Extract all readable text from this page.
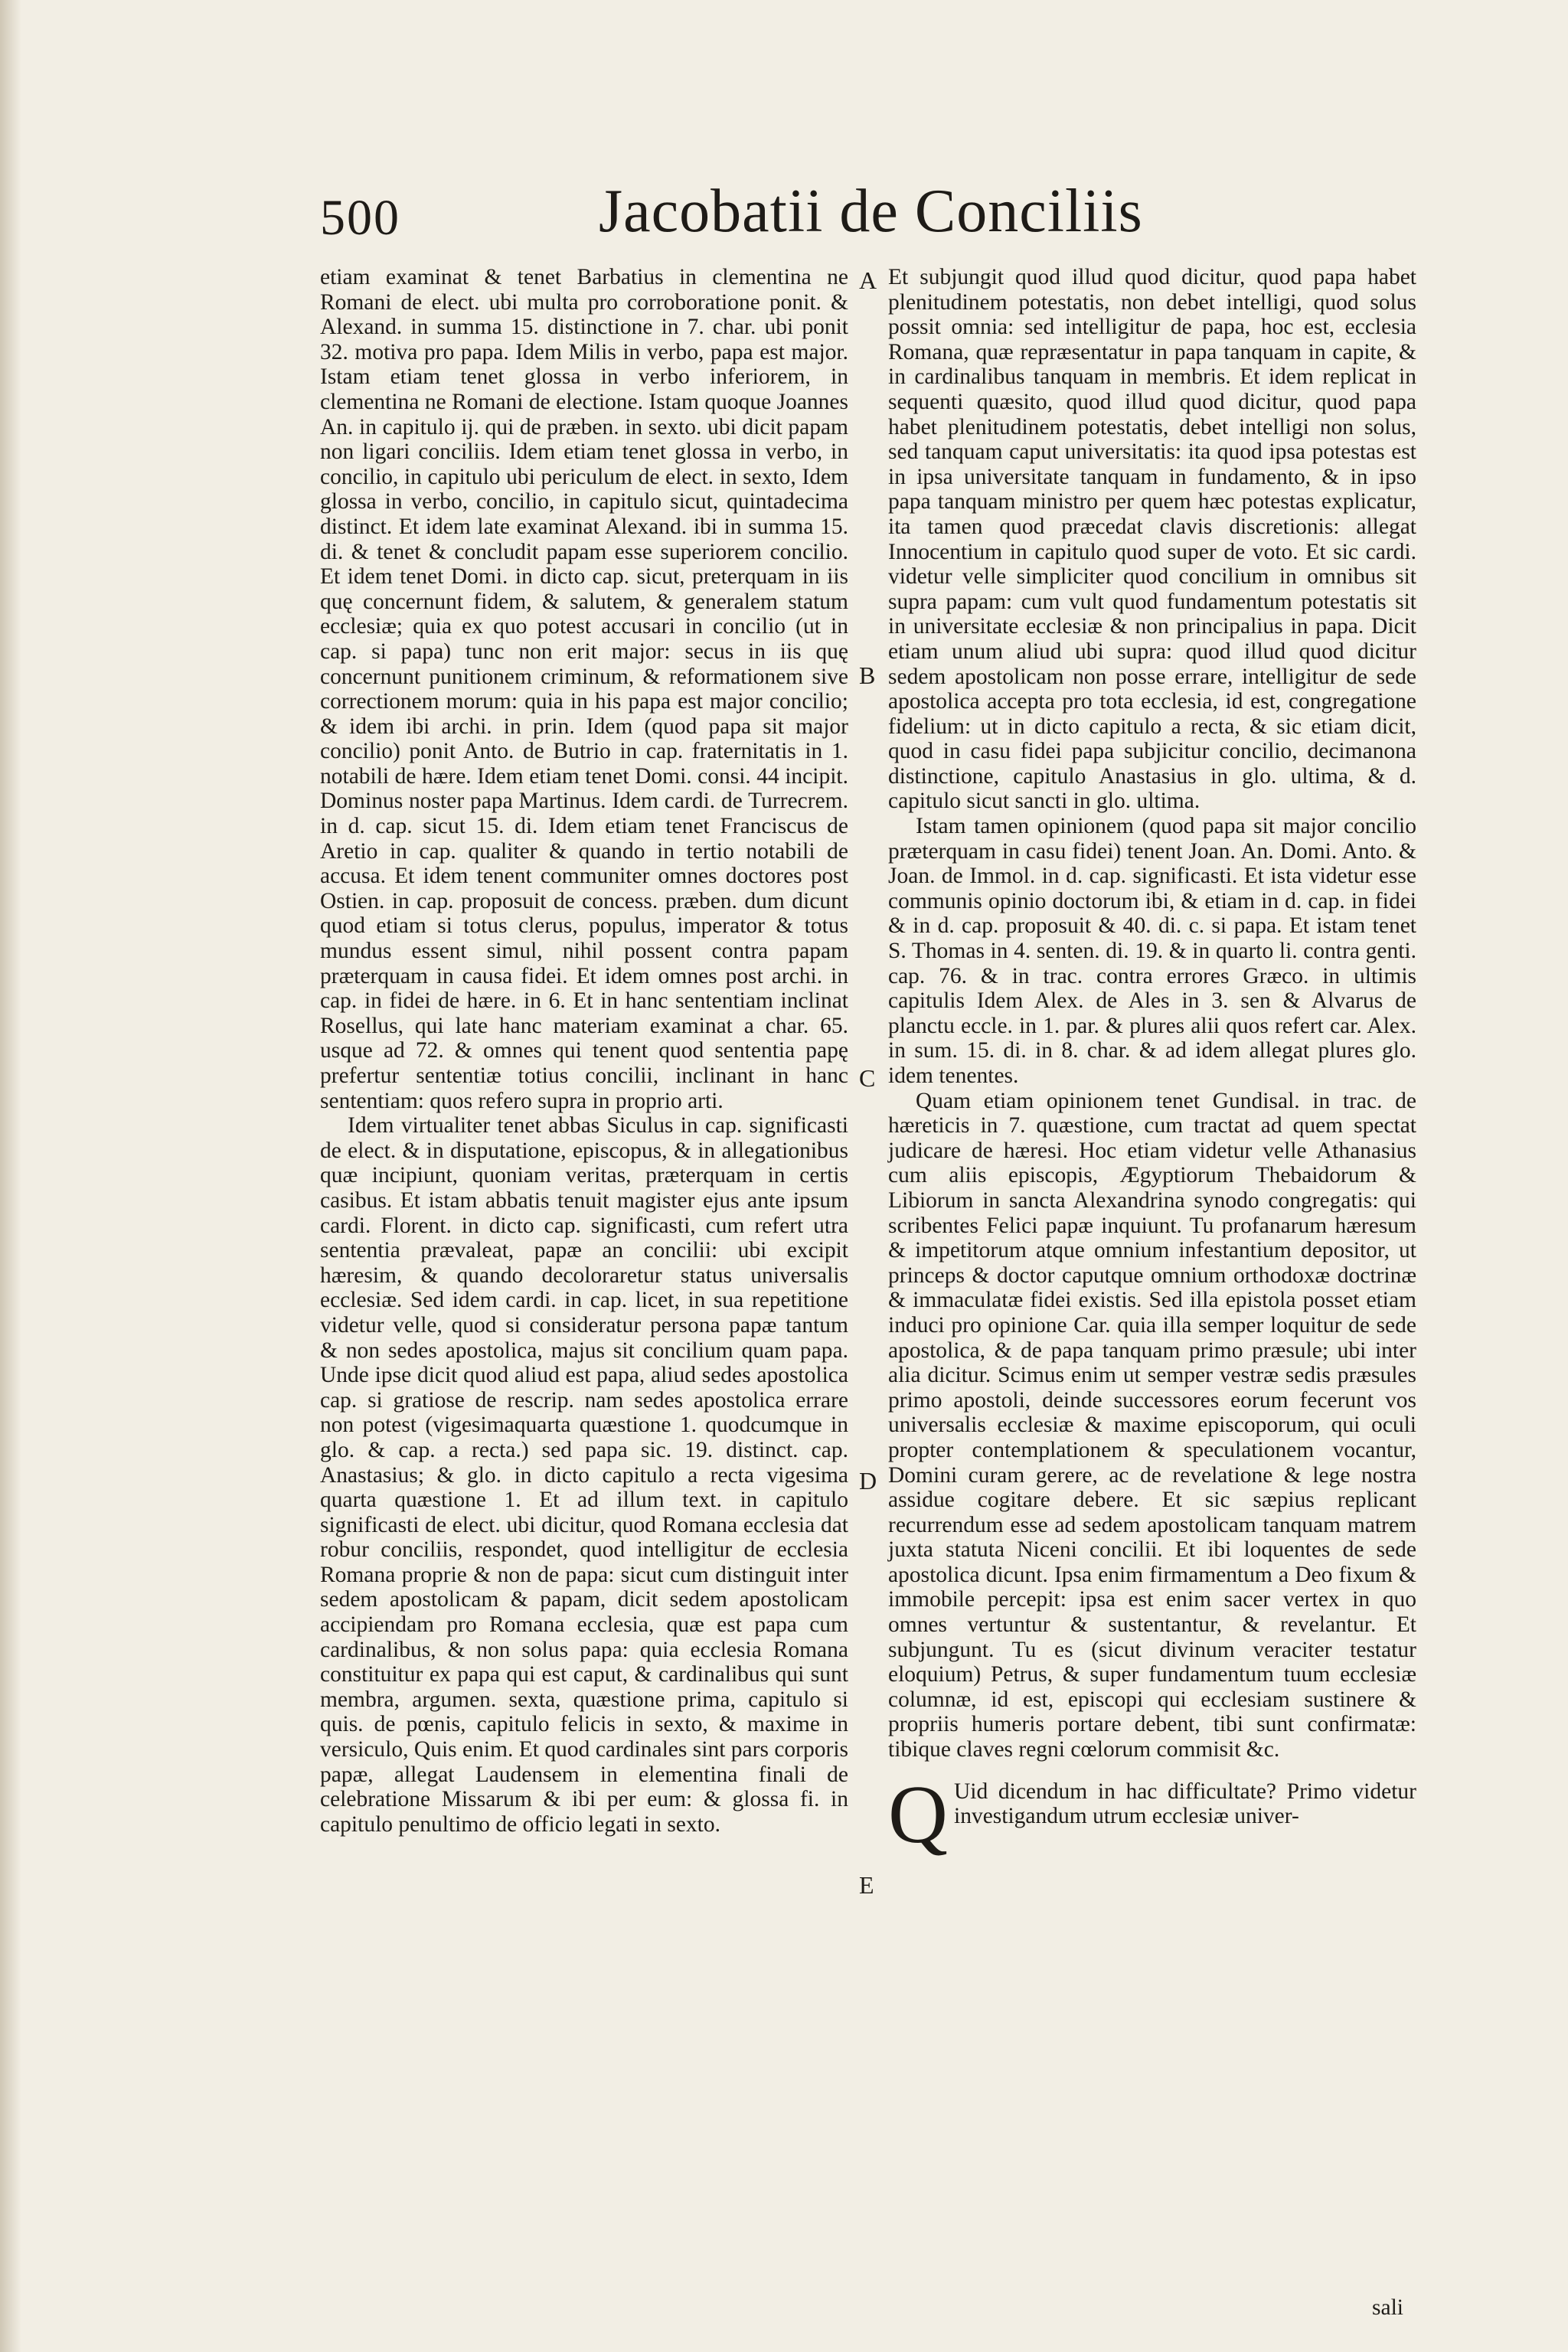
500	Jacobatii de Conciliis

etiam examinat & tenet Barbatius in clementina ne Romani de elect. ubi multa pro corroboratione ponit. & Alexand. in summa 15. distinctione in 7. char. ubi ponit 32. motiva pro papa. Idem Milis in verbo, papa est major. Istam etiam tenet glossa in verbo inferiorem, in clementina ne Romani de electione. Istam quoque Joannes An. in capitulo ij. qui de præben. in sexto. ubi dicit papam non ligari conciliis. Idem etiam tenet glossa in verbo, in concilio, in capitulo ubi periculum de elect. in sexto, Idem glossa in verbo, concilio, in capitulo sicut, quintadecima distinct. Et idem late examinat Alexand. ibi in summa 15. di. & tenet & concludit papam esse superiorem concilio. Et idem tenet Domi. in dicto cap. sicut, preterquam in iis quę concernunt fidem, & salutem, & generalem statum ecclesiæ; quia ex quo potest accusari in concilio (ut in cap. si papa) tunc non erit major: secus in iis quę concernunt punitionem criminum, & reformationem sive correctionem morum: quia in his papa est major concilio; & idem ibi archi. in prin. Idem (quod papa sit major concilio) ponit Anto. de Butrio in cap. fraternitatis in 1. notabili de hære. Idem etiam tenet Domi. consi. 44 incipit. Dominus noster papa Martinus. Idem cardi. de Turrecrem. in d. cap. sicut 15. di. Idem etiam tenet Franciscus de Aretio in cap. qualiter & quando in tertio notabili de accusa. Et idem tenent communiter omnes doctores post Ostien. in cap. proposuit de concess. præben. dum dicunt quod etiam si totus clerus, populus, imperator & totus mundus essent simul, nihil possent contra papam præterquam in causa fidei. Et idem omnes post archi. in cap. in fidei de hære. in 6. Et in hanc sententiam inclinat Rosellus, qui late hanc materiam examinat a char. 65. usque ad 72. & omnes qui tenent quod sententia papę prefertur sententiæ totius concilii, inclinant in hanc sententiam: quos refero supra in proprio arti.

Idem virtualiter tenet abbas Siculus in cap. significasti de elect. & in disputatione, episcopus, & in allegationibus quæ incipiunt, quoniam veritas, præterquam in certis casibus. Et istam abbatis tenuit magister ejus ante ipsum cardi. Florent. in dicto cap. significasti, cum refert utra sententia prævaleat, papæ an concilii: ubi excipit hæresim, & quando decoloraretur status universalis ecclesiæ. Sed idem cardi. in cap. licet, in sua repetitione videtur velle, quod si consideratur persona papæ tantum & non sedes apostolica, majus sit concilium quam papa. Unde ipse dicit quod aliud est papa, aliud sedes apostolica cap. si gratiose de rescrip. nam sedes apostolica errare non potest (vigesimaquarta quæstione 1. quodcumque in glo. & cap. a recta.) sed papa sic. 19. distinct. cap. Anastasius; & glo. in dicto capitulo a recta vigesima quarta quæstione 1. Et ad illum text. in capitulo significasti de elect. ubi dicitur, quod Romana ecclesia dat robur conciliis, respondet, quod intelligitur de ecclesia Romana proprie & non de papa: sicut cum distinguit inter sedem apostolicam & papam, dicit sedem apostolicam accipiendam pro Romana ecclesia, quæ est papa cum cardinalibus, & non solus papa: quia ecclesia Romana constituitur ex papa qui est caput, & cardinalibus qui sunt membra, argumen. sexta, quæstione prima, capitulo si quis. de pœnis, capitulo felicis in sexto, & maxime in versiculo, Quis enim. Et quod cardinales sint pars corporis papæ, allegat Laudensem in elementina finali de celebratione Missarum & ibi per eum: & glossa fi. in capitulo penultimo de officio legati in sexto.

A
B
C
D
E

Et subjungit quod illud quod dicitur, quod papa habet plenitudinem potestatis, non debet intelligi, quod solus possit omnia: sed intelligitur de papa, hoc est, ecclesia Romana, quæ repræsentatur in papa tanquam in capite, & in cardinalibus tanquam in membris. Et idem replicat in sequenti quæsito, quod illud quod dicitur, quod papa habet plenitudinem potestatis, debet intelligi non solus, sed tanquam caput universitatis: ita quod ipsa potestas est in ipsa universitate tanquam in fundamento, & in ipso papa tanquam ministro per quem hæc potestas explicatur, ita tamen quod præcedat clavis discretionis: allegat Innocentium in capitulo quod super de voto. Et sic cardi. videtur velle simpliciter quod concilium in omnibus sit supra papam: cum vult quod fundamentum potestatis sit in universitate ecclesiæ & non principalius in papa. Dicit etiam unum aliud ubi supra: quod illud quod dicitur sedem apostolicam non posse errare, intelligitur de sede apostolica accepta pro tota ecclesia, id est, congregatione fidelium: ut in dicto capitulo a recta, & sic etiam dicit, quod in casu fidei papa subjicitur concilio, decimanona distinctione, capitulo Anastasius in glo. ultima, & d. capitulo sicut sancti in glo. ultima.

Istam tamen opinionem (quod papa sit major concilio præterquam in casu fidei) tenent Joan. An. Domi. Anto. & Joan. de Immol. in d. cap. significasti. Et ista videtur esse communis opinio doctorum ibi, & etiam in d. cap. in fidei & in d. cap. proposuit & 40. di. c. si papa. Et istam tenet S. Thomas in 4. senten. di. 19. & in quarto li. contra genti. cap. 76. & in trac. contra errores Græco. in ultimis capitulis Idem Alex. de Ales in 3. sen & Alvarus de planctu eccle. in 1. par. & plures alii quos refert car. Alex. in sum. 15. di. in 8. char. & ad idem allegat plures glo. idem tenentes.

Quam etiam opinionem tenet Gundisal. in trac. de hæreticis in 7. quæstione, cum tractat ad quem spectat judicare de hæresi. Hoc etiam videtur velle Athanasius cum aliis episcopis, Ægyptiorum Thebaidorum & Libiorum in sancta Alexandrina synodo congregatis: qui scribentes Felici papæ inquiunt. Tu profanarum hæresum & impetitorum atque omnium infestantium depositor, ut princeps & doctor caputque omnium orthodoxæ doctrinæ & immaculatæ fidei existis. Sed illa epistola posset etiam induci pro opinione Car. quia illa semper loquitur de sede apostolica, & de papa tanquam primo præsule; ubi inter alia dicitur. Scimus enim ut semper vestræ sedis præsules primo apostoli, deinde successores eorum fecerunt vos universalis ecclesiæ & maxime episcoporum, qui oculi propter contemplationem & speculationem vocantur, Domini curam gerere, ac de revelatione & lege nostra assidue cogitare debere. Et sic sæpius replicant recurrendum esse ad sedem apostolicam tanquam matrem juxta statuta Niceni concilii. Et ibi loquentes de sede apostolica dicunt. Ipsa enim firmamentum a Deo fixum & immobile percepit: ipsa est enim sacer vertex in quo omnes vertuntur & sustentantur, & revelantur. Et subjungunt. Tu es (sicut divinum veraciter testatur eloquium) Petrus, & super fundamentum tuum ecclesiæ columnæ, id est, episcopi qui ecclesiam sustinere & propriis humeris portare debent, tibi sunt confirmatæ: tibique claves regni cœlorum commisit &c.

Q Uid dicendum in hac difficultate? Primo videtur investigandum utrum ecclesiæ univer-

sali
